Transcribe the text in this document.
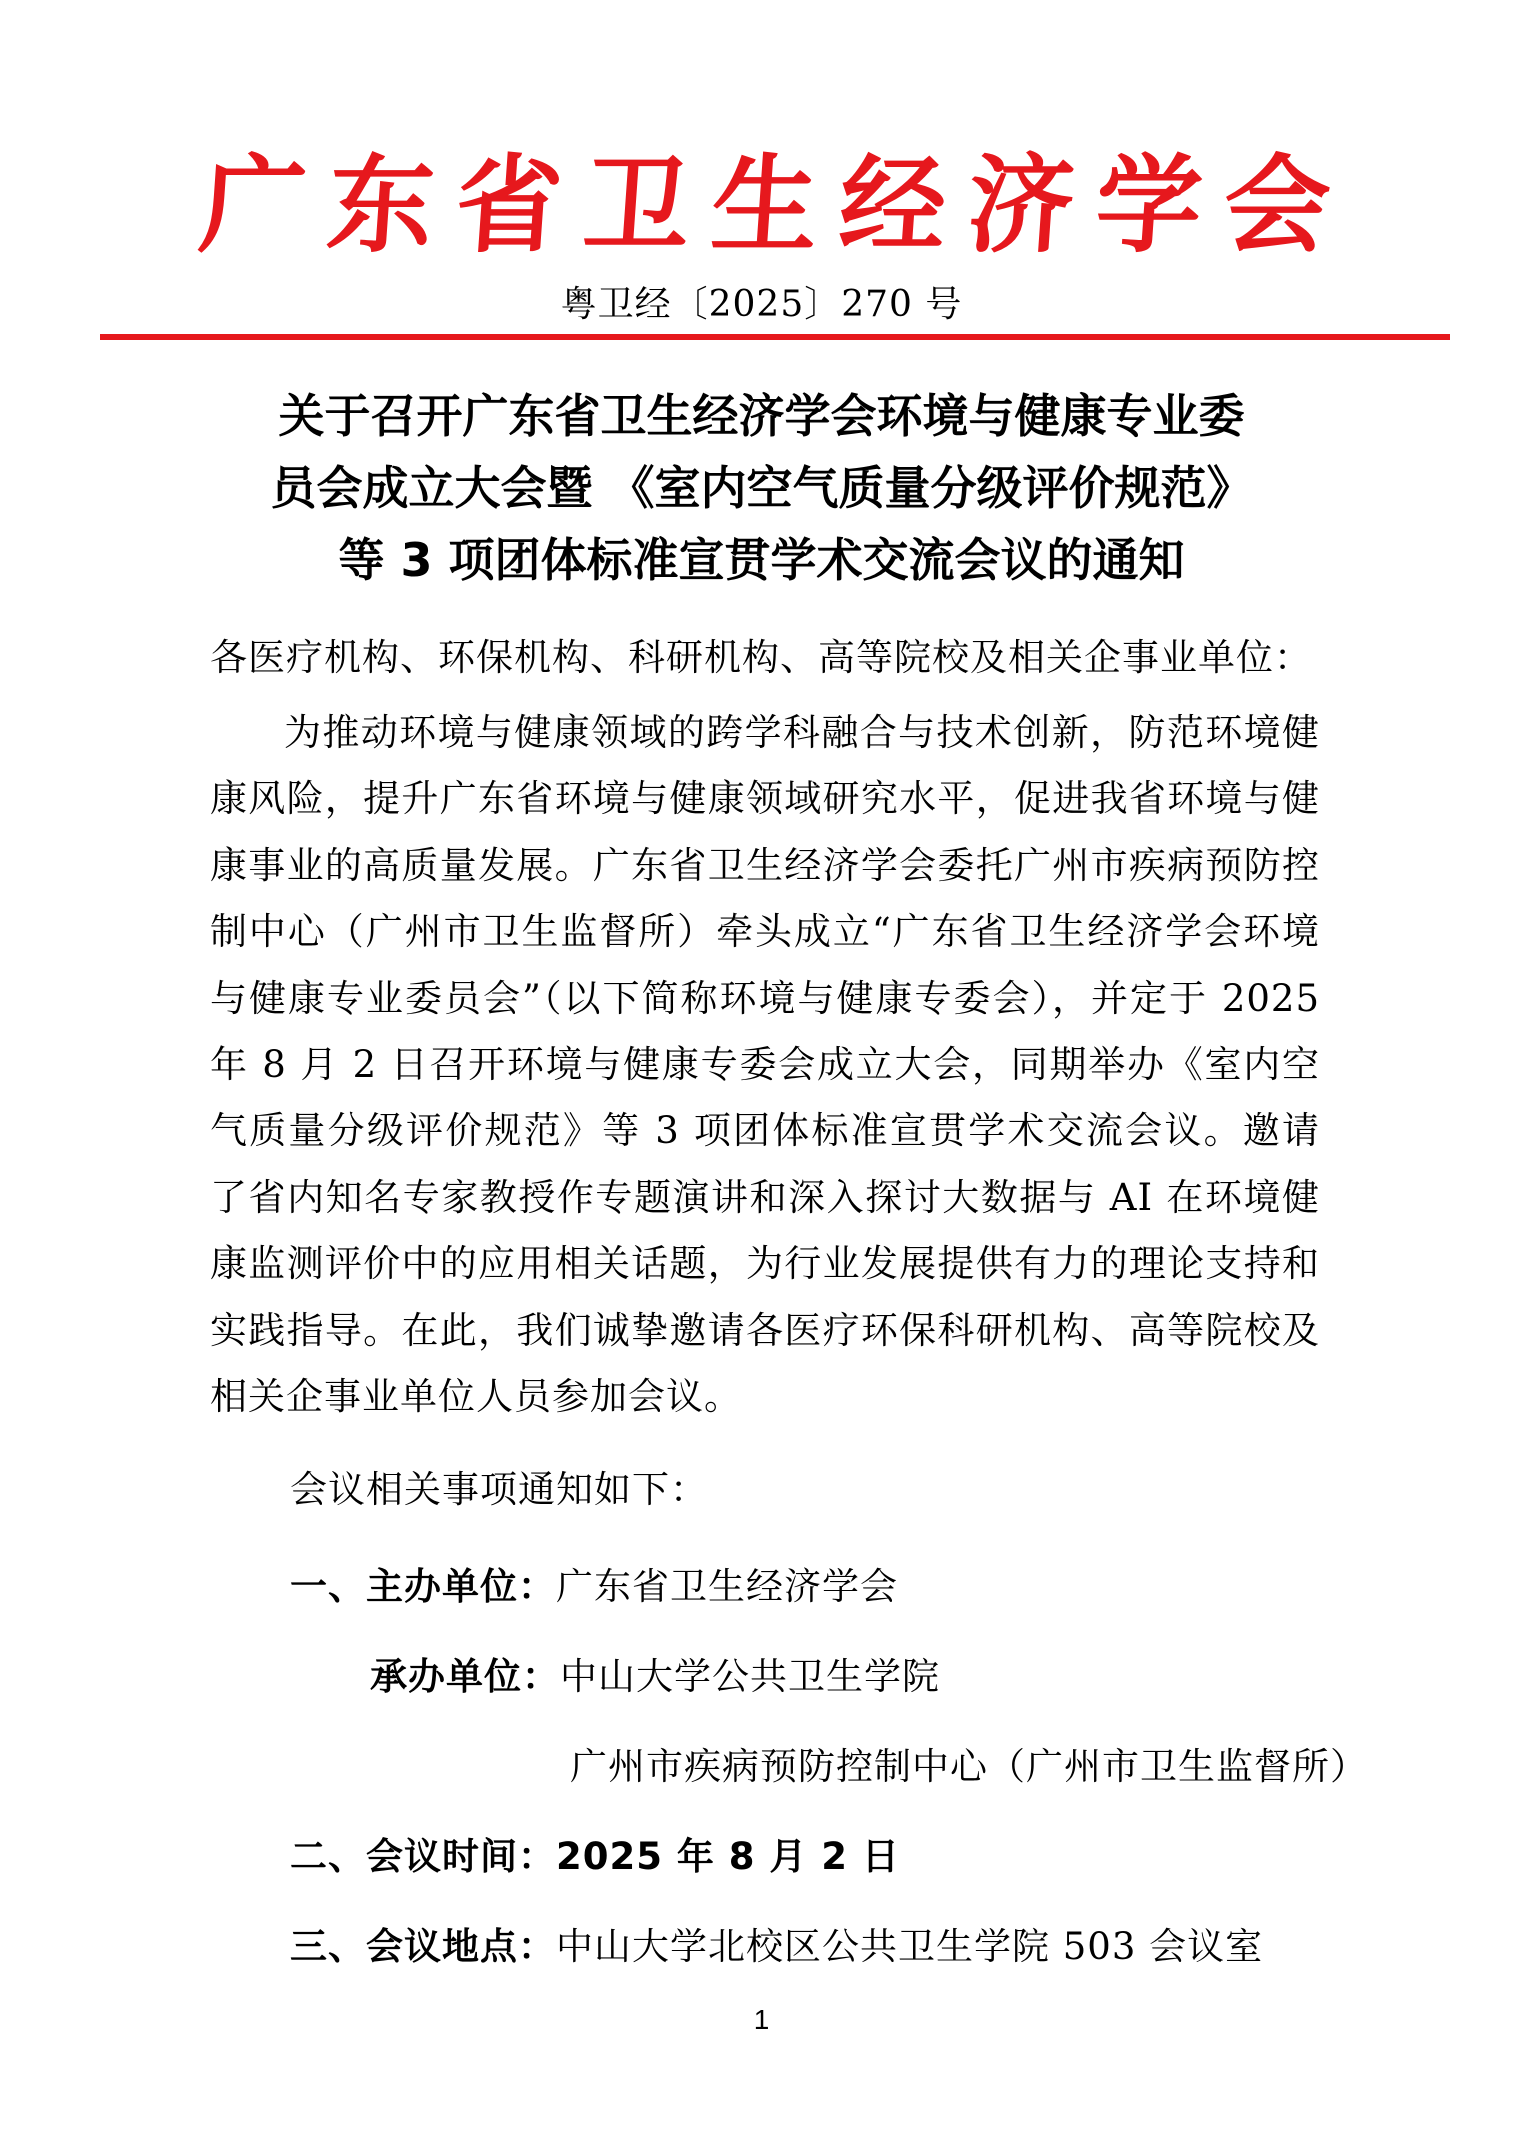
广 东 省 卫 生 经 济 学 会
粤卫经〔2025〕270 号
关于召开广东省卫生经济学会环境与健康专业委
员会成立大会暨 《室内空气质量分级评价规范》
等 3 项团体标准宣贯学术交流会议的通知
各医疗机构、环保机构、科研机构、高等院校及相关企事业单位：
为推动环境与健康领域的跨学科融合与技术创新，防范环境健康风险，提升广东省环境与健康领域研究水平，促进我省环境与健康事业的高质量发展。广东省卫生经济学会委托广州市疾病预防控制中心（广州市卫生监督所）牵头成立“广东省卫生经济学会环境与健康专业委员会”（以下简称环境与健康专委会），并定于 2025 年 8 月 2 日召开环境与健康专委会成立大会，同期举办《室内空气质量分级评价规范》等 3 项团体标准宣贯学术交流会议。邀请了省内知名专家教授作专题演讲和深入探讨大数据与 AI 在环境健康监测评价中的应用相关话题，为行业发展提供有力的理论支持和实践指导。在此，我们诚挚邀请各医疗环保科研机构、高等院校及相关企事业单位人员参加会议。
会议相关事项通知如下：
一、主办单位：广东省卫生经济学会
承办单位：中山大学公共卫生学院
广州市疾病预防控制中心（广州市卫生监督所）
二、会议时间：2025 年 8 月 2 日
三、会议地点：中山大学北校区公共卫生学院 503 会议室
1
